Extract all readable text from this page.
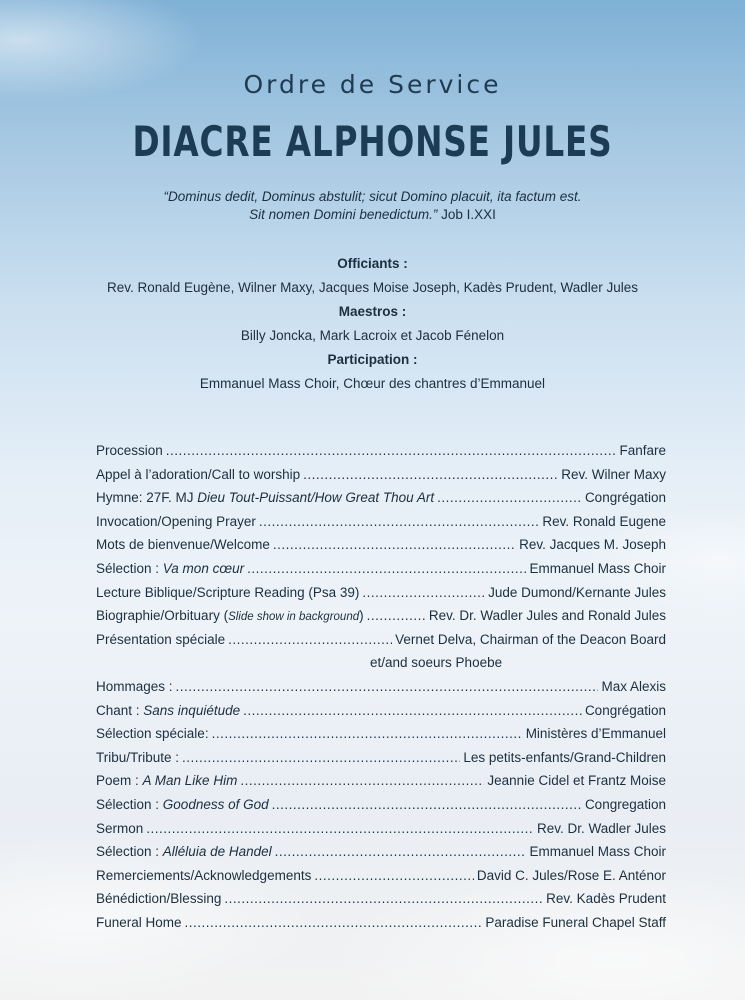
Ordre de Service

DIACRE ALPHONSE JULES
“Dominus dedit, Dominus abstulit; sicut Domino placuit, ita factum est.
Sit nomen Domini benedictum.” Job I.XXI
Officiants :
Rev. Ronald Eugène, Wilner Maxy, Jacques Moise Joseph, Kadès Prudent, Wadler Jules
Maestros :
Billy Joncka, Mark Lacroix et Jacob Fénelon
Participation :
Emmanuel Mass Choir, Chœur des chantres d’Emmanuel
Procession .....	Fanfare
Appel à l’adoration/Call to worship .....	Rev. Wilner Maxy
Hymne: 27F. MJ Dieu Tout-Puissant/How Great Thou Art .....	Congrégation
Invocation/Opening Prayer .....	Rev. Ronald Eugene
Mots de bienvenue/Welcome .....	Rev. Jacques M. Joseph
Sélection : Va mon cœur .....	Emmanuel Mass Choir
Lecture Biblique/Scripture Reading (Psa 39) .....	Jude Dumond/Kernante Jules
Biographie/Orbituary (Slide show in background) .....	Rev. Dr. Wadler Jules and Ronald Jules
Présentation spéciale .....	Vernet Delva, Chairman of the Deacon Board
et/and soeurs Phoebe
Hommages : .....	Max Alexis
Chant : Sans inquiétude .....	Congrégation
Sélection spéciale: .....	Ministères d’Emmanuel
Tribu/Tribute : .....	Les petits-enfants/Grand-Children
Poem : A Man Like Him .....	Jeannie Cidel et Frantz Moise
Sélection : Goodness of God .....	Congregation
Sermon .....	Rev. Dr. Wadler Jules
Sélection : Alléluia de Handel .....	Emmanuel Mass Choir
Remerciements/Acknowledgements .....	David C. Jules/Rose E. Anténor
Bénédiction/Blessing .....	Rev. Kadès Prudent
Funeral Home .....	Paradise Funeral Chapel Staff
